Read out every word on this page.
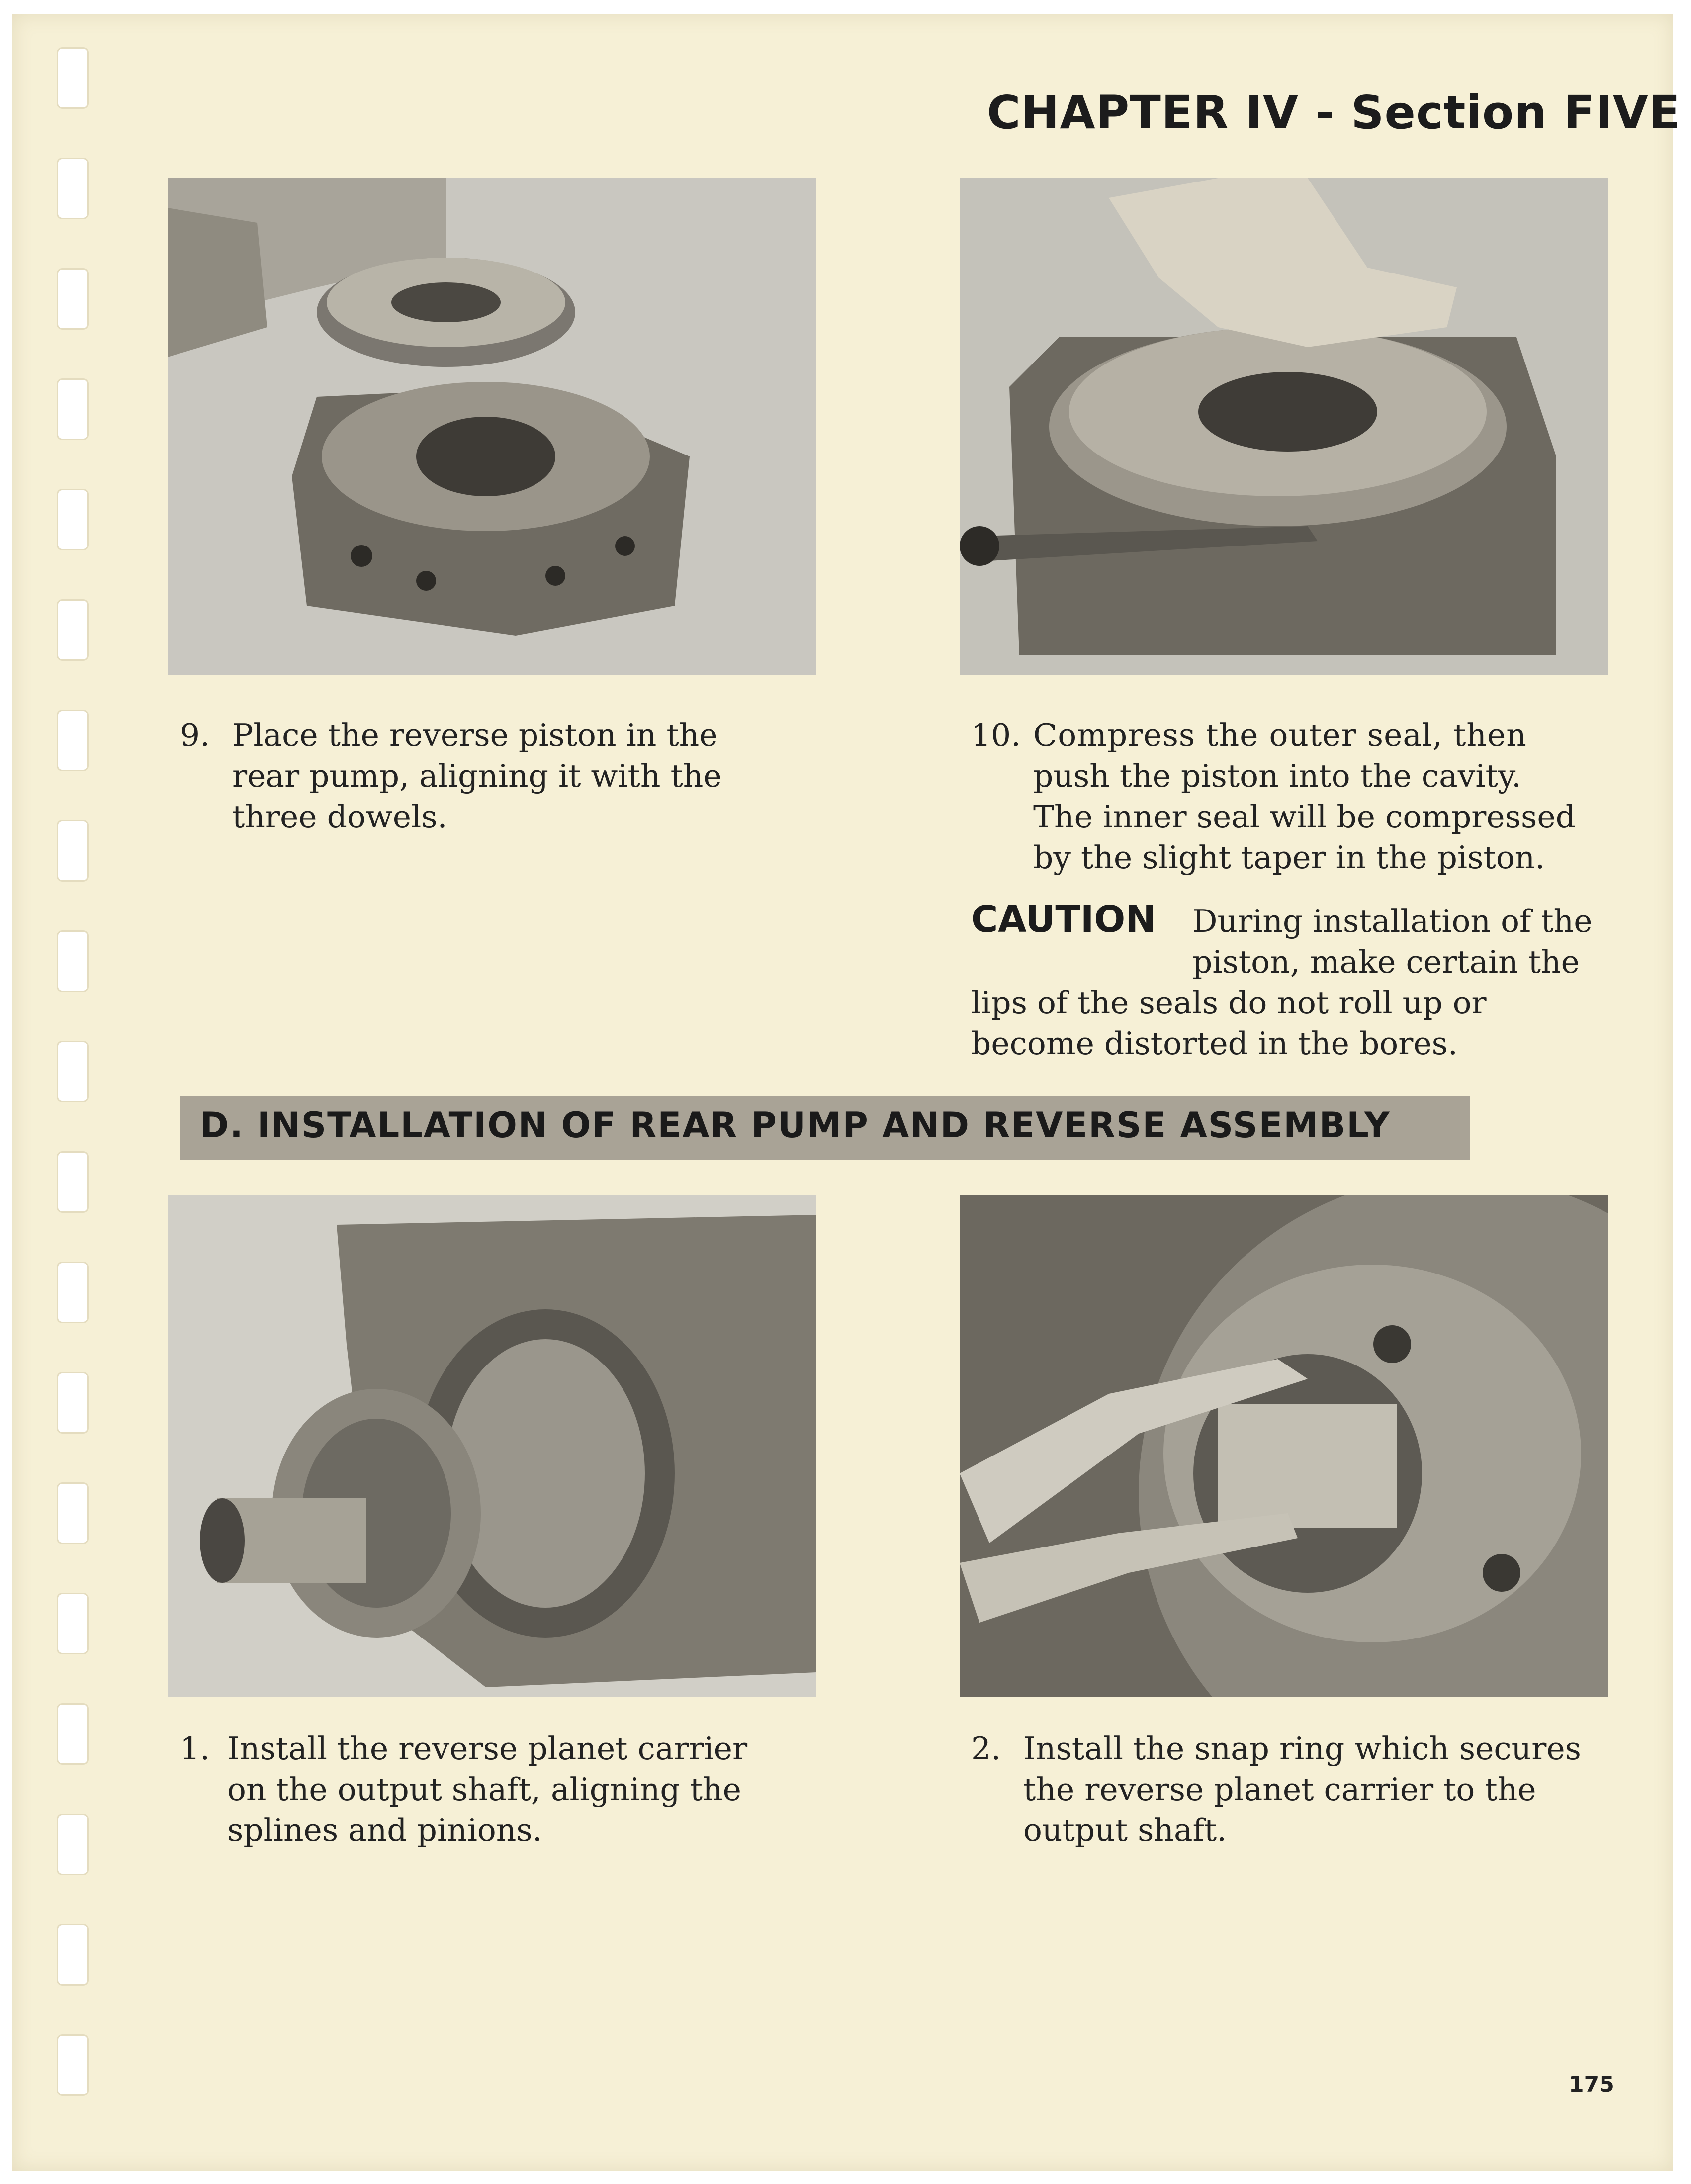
CHAPTER IV - Section FIVE
9. Place the reverse piston in the
rear pump, aligning it with the
three dowels.
10. Compress the outer seal, then
push the piston into the cavity.
The inner seal will be compressed
by the slight taper in the piston.
CAUTION During installation of the
piston, make certain the
lips of the seals do not roll up or
become distorted in the bores.
D. INSTALLATION OF REAR PUMP AND REVERSE ASSEMBLY
1. Install the reverse planet carrier
on the output shaft, aligning the
splines and pinions.
2. Install the snap ring which secures
the reverse planet carrier to the
output shaft.
175
